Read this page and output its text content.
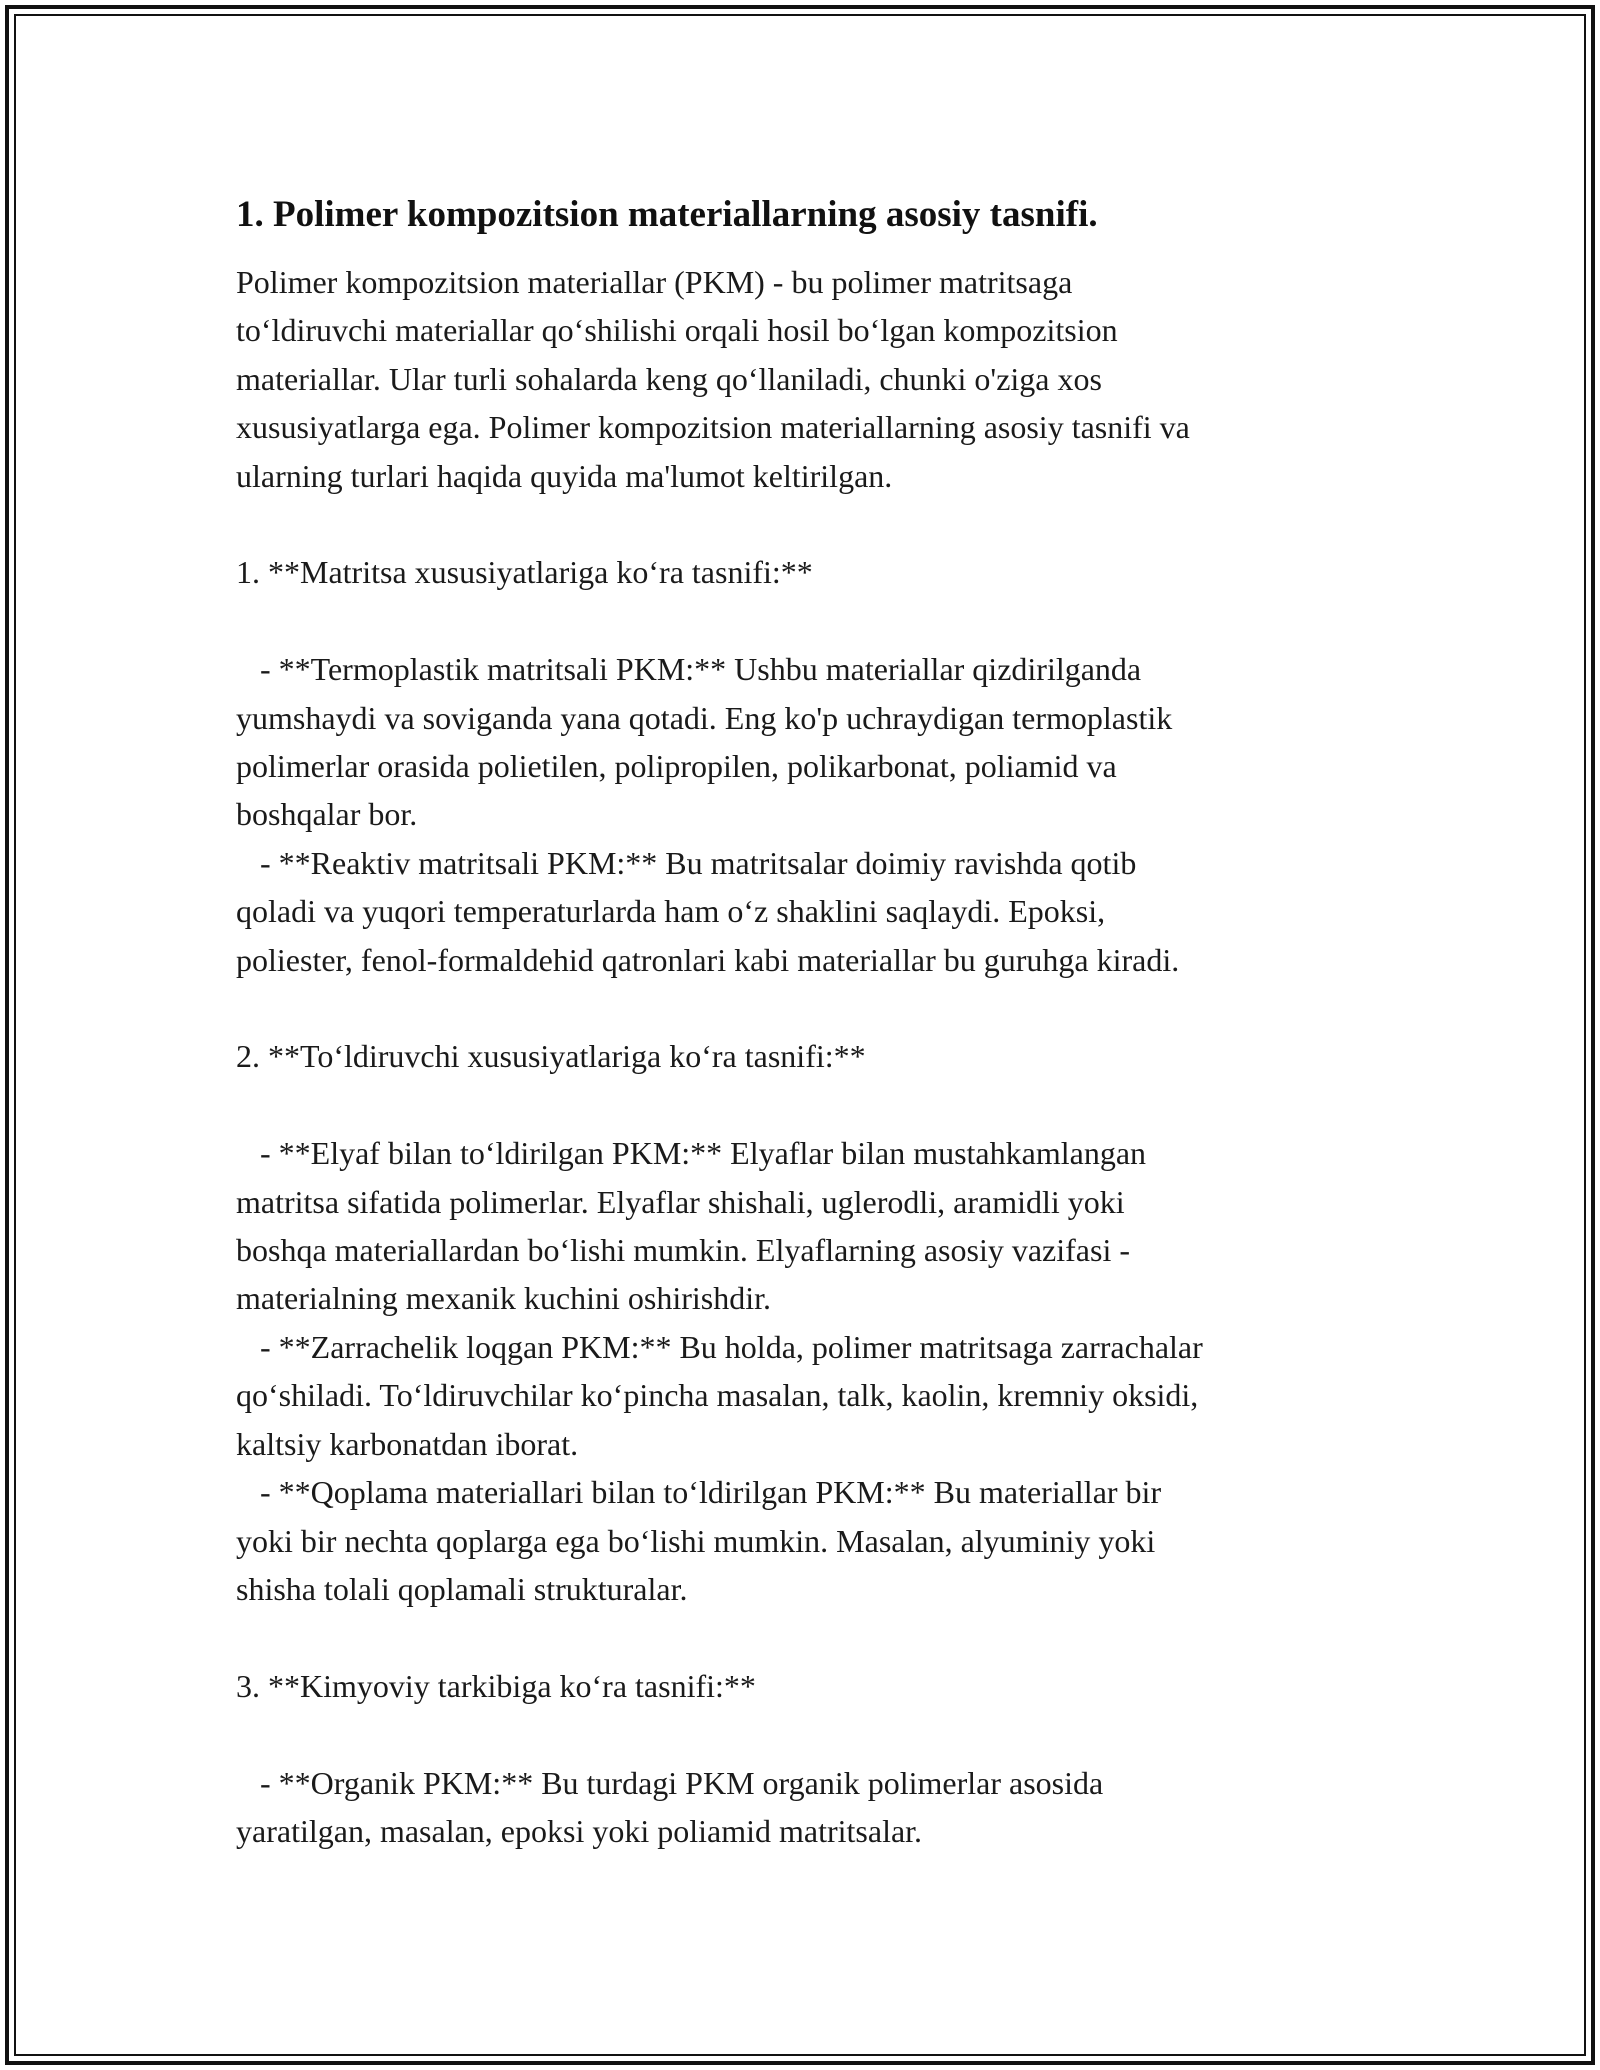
1. Polimer kompozitsion materiallarning asosiy tasnifi.
Polimer kompozitsion materiallar (PKM) - bu polimer matritsaga
to‘ldiruvchi materiallar qo‘shilishi orqali hosil bo‘lgan kompozitsion
materiallar. Ular turli sohalarda keng qo‘llaniladi, chunki o'ziga xos
xususiyatlarga ega. Polimer kompozitsion materiallarning asosiy tasnifi va
ularning turlari haqida quyida ma'lumot keltirilgan.
1. **Matritsa xususiyatlariga ko‘ra tasnifi:**
- **Termoplastik matritsali PKM:** Ushbu materiallar qizdirilganda
yumshaydi va soviganda yana qotadi. Eng ko'p uchraydigan termoplastik
polimerlar orasida polietilen, polipropilen, polikarbonat, poliamid va
boshqalar bor.
- **Reaktiv matritsali PKM:** Bu matritsalar doimiy ravishda qotib
qoladi va yuqori temperaturlarda ham o‘z shaklini saqlaydi. Epoksi,
poliester, fenol-formaldehid qatronlari kabi materiallar bu guruhga kiradi.
2. **To‘ldiruvchi xususiyatlariga ko‘ra tasnifi:**
- **Elyaf bilan to‘ldirilgan PKM:** Elyaflar bilan mustahkamlangan
matritsa sifatida polimerlar. Elyaflar shishali, uglerodli, aramidli yoki
boshqa materiallardan bo‘lishi mumkin. Elyaflarning asosiy vazifasi -
materialning mexanik kuchini oshirishdir.
- **Zarrachelik loqgan PKM:** Bu holda, polimer matritsaga zarrachalar
qo‘shiladi. To‘ldiruvchilar ko‘pincha masalan, talk, kaolin, kremniy oksidi,
kaltsiy karbonatdan iborat.
- **Qoplama materiallari bilan to‘ldirilgan PKM:** Bu materiallar bir
yoki bir nechta qoplarga ega bo‘lishi mumkin. Masalan, alyuminiy yoki
shisha tolali qoplamali strukturalar.
3. **Kimyoviy tarkibiga ko‘ra tasnifi:**
- **Organik PKM:** Bu turdagi PKM organik polimerlar asosida
yaratilgan, masalan, epoksi yoki poliamid matritsalar.
